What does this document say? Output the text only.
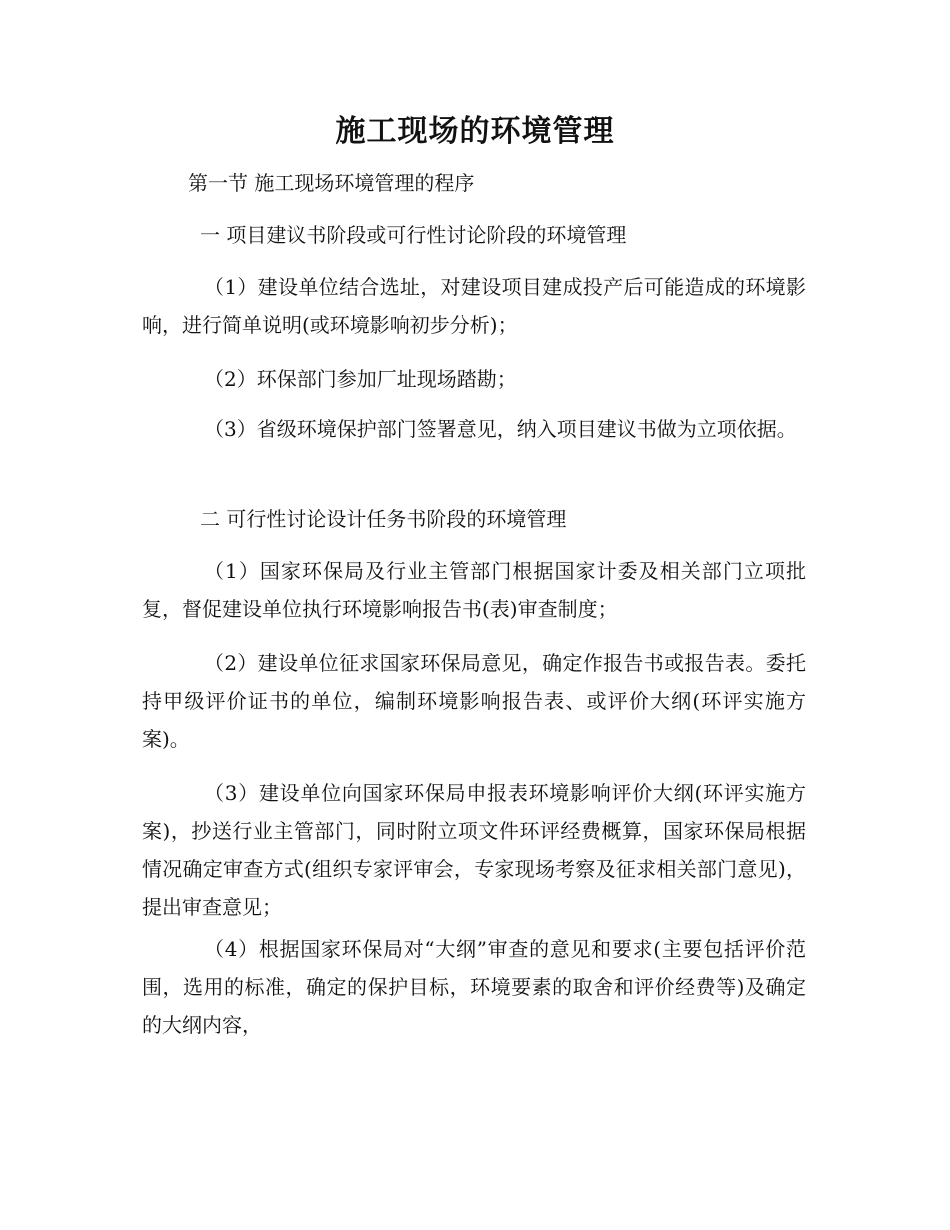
施工现场的环境管理
第一节 施工现场环境管理的程序
一 项目建议书阶段或可行性讨论阶段的环境管理
（1）建设单位结合选址，对建设项目建成投产后可能造成的环境影响，进行简单说明(或环境影响初步分析)；
（2）环保部门参加厂址现场踏勘；
（3）省级环境保护部门签署意见，纳入项目建议书做为立项依据。
二 可行性讨论设计任务书阶段的环境管理
（1）国家环保局及行业主管部门根据国家计委及相关部门立项批复，督促建设单位执行环境影响报告书(表)审查制度；
（2）建设单位征求国家环保局意见，确定作报告书或报告表。委托持甲级评价证书的单位，编制环境影响报告表、或评价大纲(环评实施方案)。
（3）建设单位向国家环保局申报表环境影响评价大纲(环评实施方案)，抄送行业主管部门，同时附立项文件环评经费概算，国家环保局根据情况确定审查方式(组织专家评审会，专家现场考察及征求相关部门意见)，提出审查意见；
（4）根据国家环保局对“大纲”审查的意见和要求(主要包括评价范围，选用的标准，确定的保护目标，环境要素的取舍和评价经费等)及确定的大纲内容，
